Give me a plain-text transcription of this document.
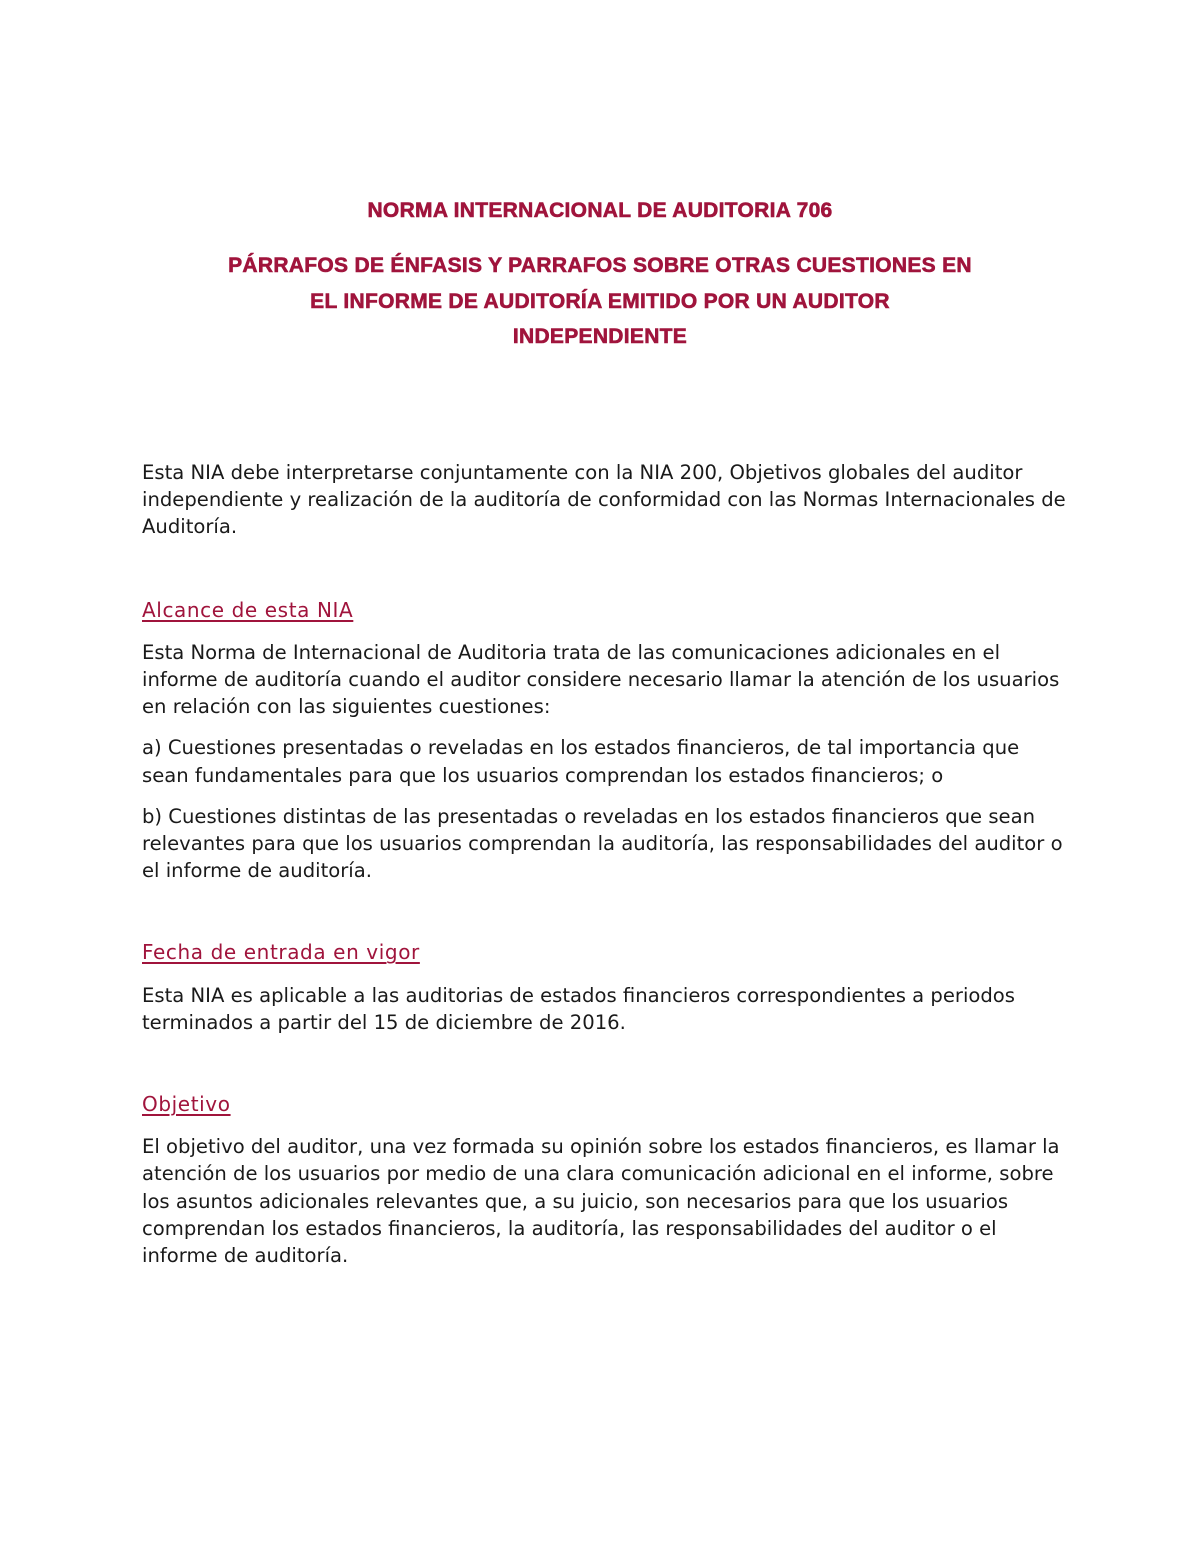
NORMA INTERNACIONAL DE AUDITORIA 706

PÁRRAFOS DE ÉNFASIS Y PARRAFOS SOBRE OTRAS CUESTIONES EN
EL INFORME DE AUDITORÍA EMITIDO POR UN AUDITOR
INDEPENDIENTE

Esta NIA debe interpretarse conjuntamente con la NIA 200, Objetivos globales del auditor independiente y realización de la auditoría de conformidad con las Normas Internacionales de Auditoría.

Alcance de esta NIA

Esta Norma de Internacional de Auditoria trata de las comunicaciones adicionales en el informe de auditoría cuando el auditor considere necesario llamar la atención de los usuarios en relación con las siguientes cuestiones:

a) Cuestiones presentadas o reveladas en los estados financieros, de tal importancia que sean fundamentales para que los usuarios comprendan los estados financieros; o

b) Cuestiones distintas de las presentadas o reveladas en los estados financieros que sean relevantes para que los usuarios comprendan la auditoría, las responsabilidades del auditor o el informe de auditoría.

Fecha de entrada en vigor

Esta NIA es aplicable a las auditorias de estados financieros correspondientes a periodos terminados a partir del 15 de diciembre de 2016.

Objetivo

El objetivo del auditor, una vez formada su opinión sobre los estados financieros, es llamar la atención de los usuarios por medio de una clara comunicación adicional en el informe, sobre los asuntos adicionales relevantes que, a su juicio, son necesarios para que los usuarios comprendan los estados financieros, la auditoría, las responsabilidades del auditor o el informe de auditoría.
